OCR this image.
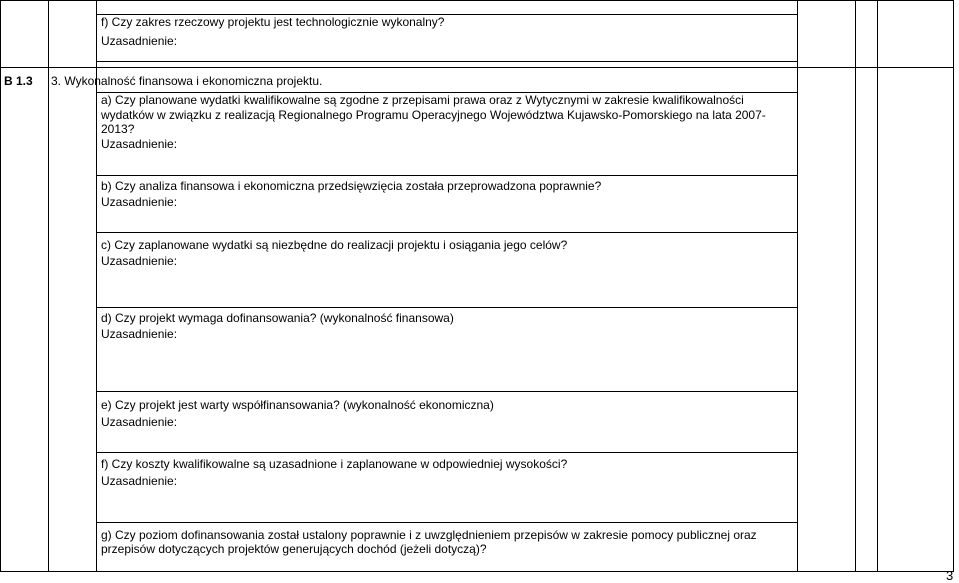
f) Czy zakres rzeczowy projektu jest technologicznie wykonalny?
Uzasadnienie:
B 1.3 3. Wykonalność finansowa i ekonomiczna projektu.
a) Czy planowane wydatki kwalifikowalne są zgodne z przepisami prawa oraz z Wytycznymi w zakresie kwalifikowalności
wydatków w związku z realizacją Regionalnego Programu Operacyjnego Województwa Kujawsko-Pomorskiego na lata 2007-
2013?
Uzasadnienie:
b) Czy analiza finansowa i ekonomiczna przedsięwzięcia została przeprowadzona poprawnie?
Uzasadnienie:
c) Czy zaplanowane wydatki są niezbędne do realizacji projektu i osiągania jego celów?
Uzasadnienie:
d) Czy projekt wymaga dofinansowania? (wykonalność finansowa)
Uzasadnienie:
e) Czy projekt jest warty współfinansowania? (wykonalność ekonomiczna)
Uzasadnienie:
f) Czy koszty kwalifikowalne są uzasadnione i zaplanowane w odpowiedniej wysokości?
Uzasadnienie:
g) Czy poziom dofinansowania został ustalony poprawnie i z uwzględnieniem przepisów w zakresie pomocy publicznej oraz
przepisów dotyczących projektów generujących dochód (jeżeli dotyczą)?
3
